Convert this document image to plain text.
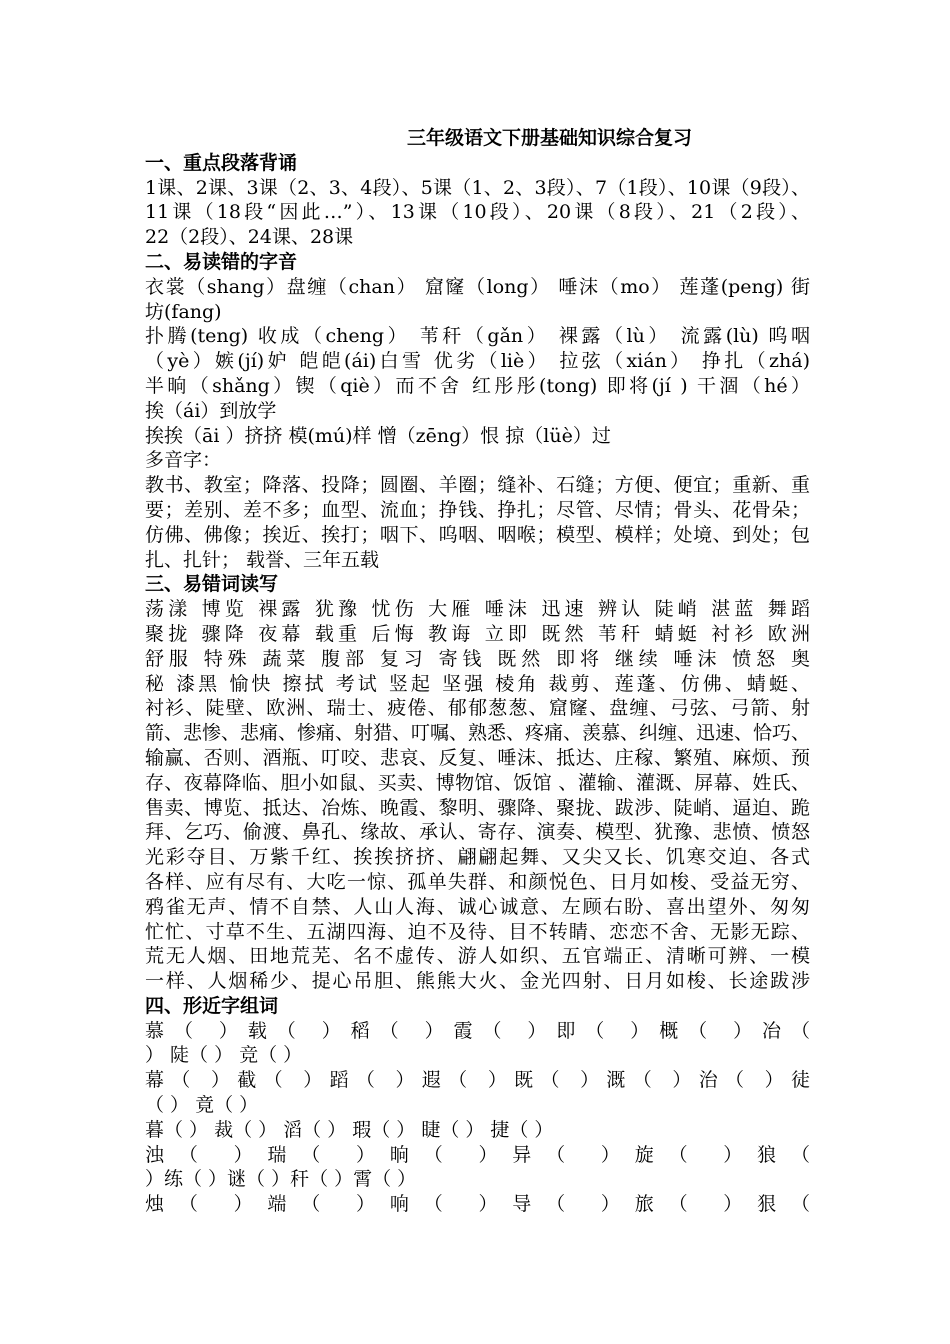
三年级语文下册基础知识综合复习
一、重点段落背诵
1课、2课、3课（2、3、4段）、5课（1、2、3段）、7（1段）、10课（9段）、
11课（18段“因此…”）、13课（10段）、20课（8段）、21（2段）、
22（2段）、24课、28课
二、易读错的字音
衣裳（shang）盘缠（chan） 窟窿（long） 唾沫（mo） 莲蓬(peng) 街
坊(fang)
扑腾(teng) 收成（cheng） 苇秆（gǎn） 裸露（lù） 流露(lù) 呜咽
（yè）嫉(jí)妒 皑皑(ái)白雪 优劣（liè） 拉弦（xián） 挣扎（zhá)
半晌（shǎng）锲（qiè）而不舍 红彤彤(tong) 即将(jí ) 干涸（hé）
挨（ái）到放学
挨挨（āi ）挤挤 模(mú)样 憎（zēng）恨 掠（lüè）过
多音字：
教书、教室；降落、投降；圆圈、羊圈；缝补、石缝；方便、便宜；重新、重
要；差别、差不多；血型、流血；挣钱、挣扎；尽管、尽情；骨头、花骨朵；
仿佛、佛像；挨近、挨打；咽下、呜咽、咽喉；模型、模样；处境、到处；包
扎、扎针； 载誉、三年五载
三、易错词读写
荡漾 博览 裸露 犹豫 忧伤 大雁 唾沫 迅速 辨认 陡峭 湛蓝 舞蹈
聚拢 骤降 夜幕 载重 后悔 教诲 立即 既然 苇秆 蜻蜓 衬衫 欧洲
舒服 特殊 蔬菜 腹部 复习 寄钱 既然 即将 继续 唾沫 愤怒 奥
秘 漆黑 愉快 擦拭 考试 竖起 坚强 棱角 裁剪、莲蓬、仿佛、蜻蜓、
衬衫、陡壁、欧洲、瑞士、疲倦、郁郁葱葱、窟窿、盘缠、弓弦、弓箭、射
箭、悲惨、悲痛、惨痛、射猎、叮嘱、熟悉、疼痛、羡慕、纠缠、迅速、恰巧、
输赢、否则、酒瓶、叮咬、悲哀、反复、唾沫、抵达、庄稼、繁殖、麻烦、预
存、夜幕降临、胆小如鼠、买卖、博物馆、饭馆 、灌输、灌溉、屏幕、姓氏、
售卖、博览、抵达、冶炼、晚霞、黎明、骤降、聚拢、跋涉、陡峭、逼迫、跪
拜、乞巧、偷渡、鼻孔、缘故、承认、寄存、演奏、模型、犹豫、悲愤、愤怒
光彩夺目、万紫千红、挨挨挤挤、翩翩起舞、又尖又长、饥寒交迫、各式
各样、应有尽有、大吃一惊、孤单失群、和颜悦色、日月如梭、受益无穷、
鸦雀无声、情不自禁、人山人海、诚心诚意、左顾右盼、喜出望外、匆匆
忙忙、寸草不生、五湖四海、迫不及待、目不转睛、恋恋不舍、无影无踪、
荒无人烟、田地荒芜、名不虚传、游人如织、五官端正、清晰可辨、一模
一样、人烟稀少、提心吊胆、熊熊大火、金光四射、日月如梭、长途跋涉
四、形近字组词
慕（ ）载（ ）稻（ ）霞（ ）即（ ）概（ ）冶（
） 陡（ ） 竞（ ）
幕（ ）截（ ）蹈（ ）遐（ ）既（ ）溉（ ）治（ ）徒
（ ） 竟（ ）
暮（ ） 裁（ ） 滔（ ） 瑕（ ） 睫（ ） 捷（ ）
浊（ ）瑞（ ）晌（ ）异（ ）旋（ ）狼（
）练（ ）谜（ ）秆（ ）霄（ ）
烛（ ）端（ ）响（ ）导（ ）旅（ ）狠（
